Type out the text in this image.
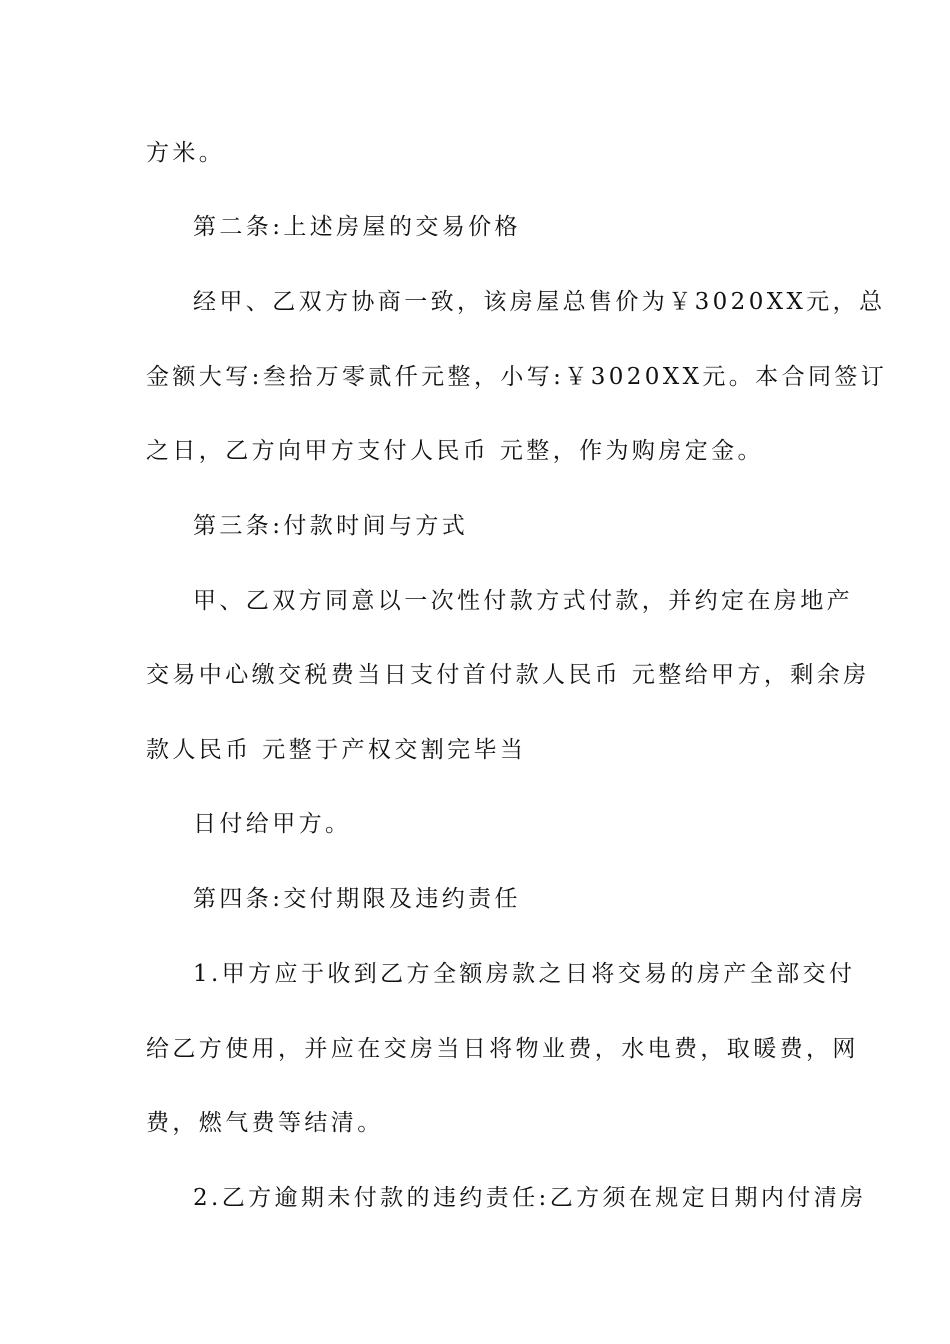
方米。
第二条:上述房屋的交易价格
经甲、乙双方协商一致，该房屋总售价为￥3020XX元，总
金额大写:叁拾万零贰仟元整，小写:￥3020XX元。本合同签订
之日，乙方向甲方支付人民币 元整，作为购房定金。
第三条:付款时间与方式
甲、乙双方同意以一次性付款方式付款，并约定在房地产
交易中心缴交税费当日支付首付款人民币 元整给甲方，剩余房
款人民币 元整于产权交割完毕当
日付给甲方。
第四条:交付期限及违约责任
1.甲方应于收到乙方全额房款之日将交易的房产全部交付
给乙方使用，并应在交房当日将物业费，水电费，取暖费，网
费，燃气费等结清。
2.乙方逾期未付款的违约责任:乙方须在规定日期内付清房
